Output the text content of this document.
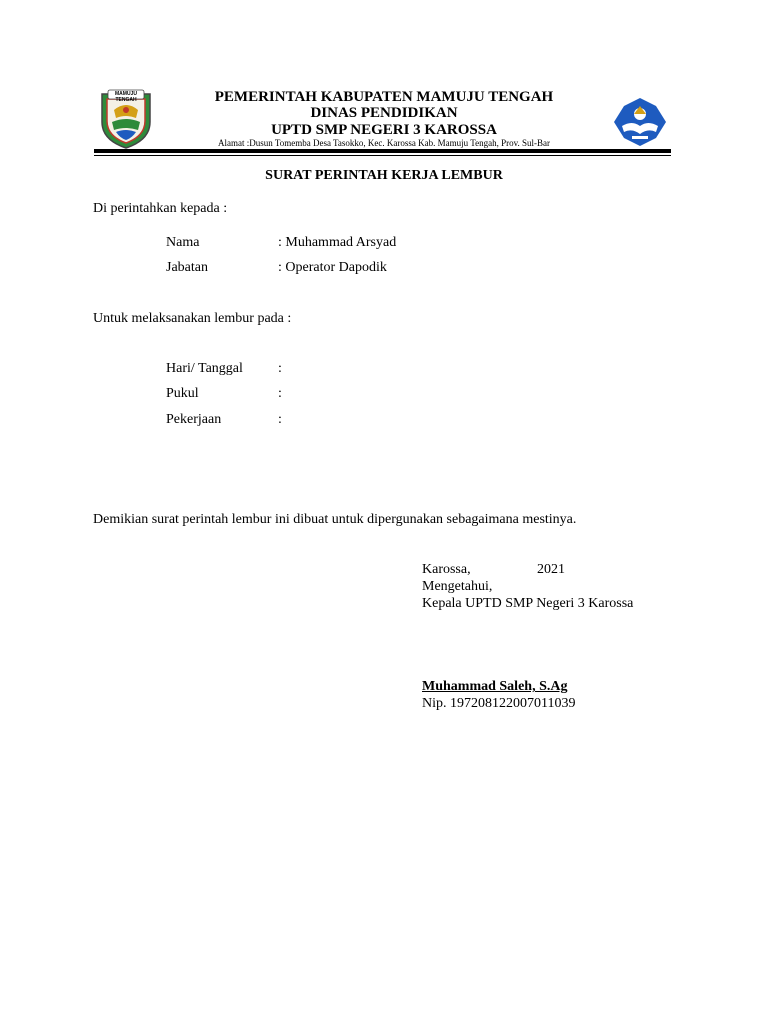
MAMUJU TENGAH	PEMERINTAH KABUPATEN MAMUJU TENGAH
DINAS PENDIDIKAN
UPTD SMP NEGERI 3 KAROSSA
Alamat :Dusun Tomemba Desa Tasokko, Kec. Karossa Kab. Mamuju Tengah, Prov. Sul-Bar
SURAT PERINTAH KERJA LEMBUR
Di perintahkan kepada :
Nama	: Muhammad Arsyad
Jabatan	: Operator Dapodik
Untuk melaksanakan lembur pada :
Hari/ Tanggal	:
Pukul	:
Pekerjaan	:
Demikian surat perintah lembur ini dibuat untuk dipergunakan sebagaimana mestinya.
Karossa,	2021
Mengetahui,
Kepala UPTD SMP Negeri 3 Karossa
Muhammad Saleh, S.Ag
Nip. 197208122007011039
